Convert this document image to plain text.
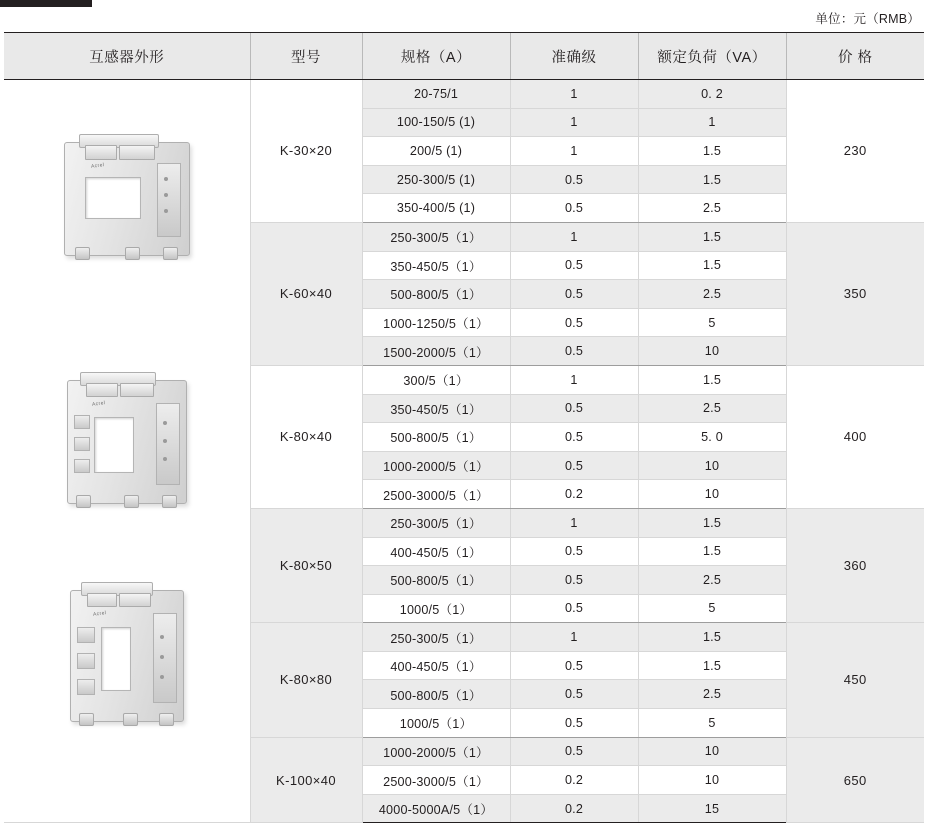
单位：元（RMB）
互感器外形	型号	规格（A）	准确级	额定负荷（VA）	价 格

Acrel
Acrel
Acrel	K-30×20	20-75/1	1	0. 2	230
		100-150/5 (1)	1	1	
		200/5 (1)	1	1.5	
		250-300/5 (1)	0.5	1.5	
		350-400/5 (1)	0.5	2.5	
	K-60×40	250-300/5（1）	1	1.5	350
		350-450/5（1）	0.5	1.5	
		500-800/5（1）	0.5	2.5	
		1000-1250/5（1）	0.5	5	
		1500-2000/5（1）	0.5	10	
	K-80×40	300/5（1）	1	1.5	400
		350-450/5（1）	0.5	2.5	
		500-800/5（1）	0.5	5. 0	
		1000-2000/5（1）	0.5	10	
		2500-3000/5（1）	0.2	10	
	K-80×50	250-300/5（1）	1	1.5	360
		400-450/5（1）	0.5	1.5	
		500-800/5（1）	0.5	2.5	
		1000/5（1）	0.5	5	
	K-80×80	250-300/5（1）	1	1.5	450
		400-450/5（1）	0.5	1.5	
		500-800/5（1）	0.5	2.5	
		1000/5（1）	0.5	5	
	K-100×40	1000-2000/5（1）	0.5	10	650
		2500-3000/5（1）	0.2	10	
		4000-5000A/5（1）	0.2	15	
